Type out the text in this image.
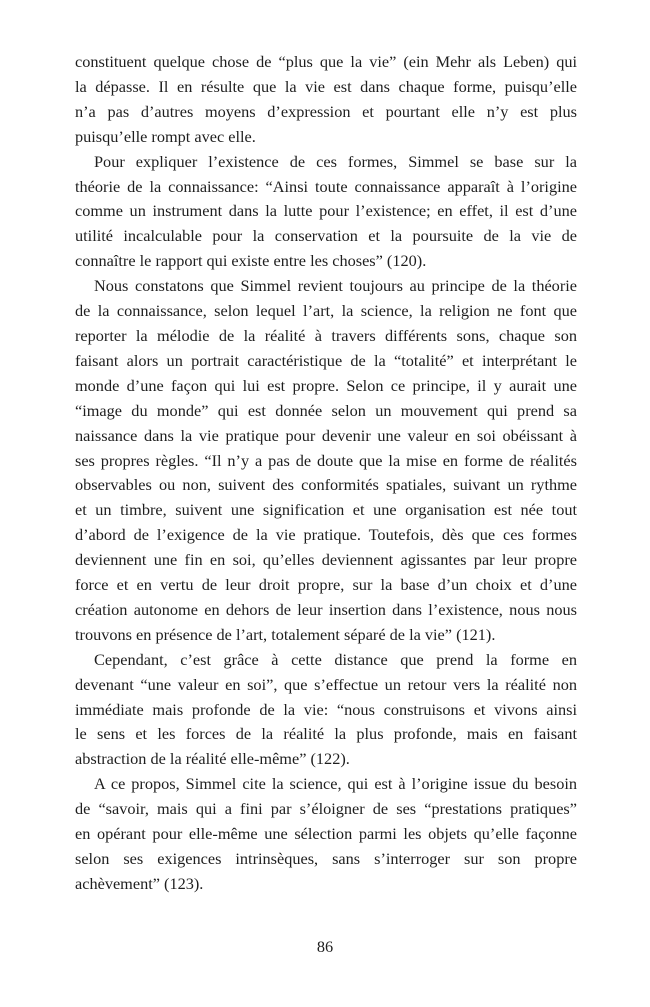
constituent quelque chose de “plus que la vie” (ein Mehr als Leben) qui
la dépasse. Il en résulte que la vie est dans chaque forme, puisqu’elle
n’a pas d’autres moyens d’expression et pourtant elle n’y est plus
puisqu’elle rompt avec elle.
Pour expliquer l’existence de ces formes, Simmel se base sur la
théorie de la connaissance: “Ainsi toute connaissance apparaît à l’origine
comme un instrument dans la lutte pour l’existence; en effet, il est d’une
utilité incalculable pour la conservation et la poursuite de la vie de
connaître le rapport qui existe entre les choses” (120).
Nous constatons que Simmel revient toujours au principe de la théorie
de la connaissance, selon lequel l’art, la science, la religion ne font que
reporter la mélodie de la réalité à travers différents sons, chaque son
faisant alors un portrait caractéristique de la “totalité” et interprétant le
monde d’une façon qui lui est propre. Selon ce principe, il y aurait une
“image du monde” qui est donnée selon un mouvement qui prend sa
naissance dans la vie pratique pour devenir une valeur en soi obéissant à
ses propres règles. “Il n’y a pas de doute que la mise en forme de réalités
observables ou non, suivent des conformités spatiales, suivant un rythme
et un timbre, suivent une signification et une organisation est née tout
d’abord de l’exigence de la vie pratique. Toutefois, dès que ces formes
deviennent une fin en soi, qu’elles deviennent agissantes par leur propre
force et en vertu de leur droit propre, sur la base d’un choix et d’une
création autonome en dehors de leur insertion dans l’existence, nous nous
trouvons en présence de l’art, totalement séparé de la vie” (121).
Cependant, c’est grâce à cette distance que prend la forme en
devenant “une valeur en soi”, que s’effectue un retour vers la réalité non
immédiate mais profonde de la vie: “nous construisons et vivons ainsi
le sens et les forces de la réalité la plus profonde, mais en faisant
abstraction de la réalité elle-même” (122).
A ce propos, Simmel cite la science, qui est à l’origine issue du besoin
de “savoir, mais qui a fini par s’éloigner de ses “prestations pratiques”
en opérant pour elle-même une sélection parmi les objets qu’elle façonne
selon ses exigences intrinsèques, sans s’interroger sur son propre
achèvement” (123).
86
